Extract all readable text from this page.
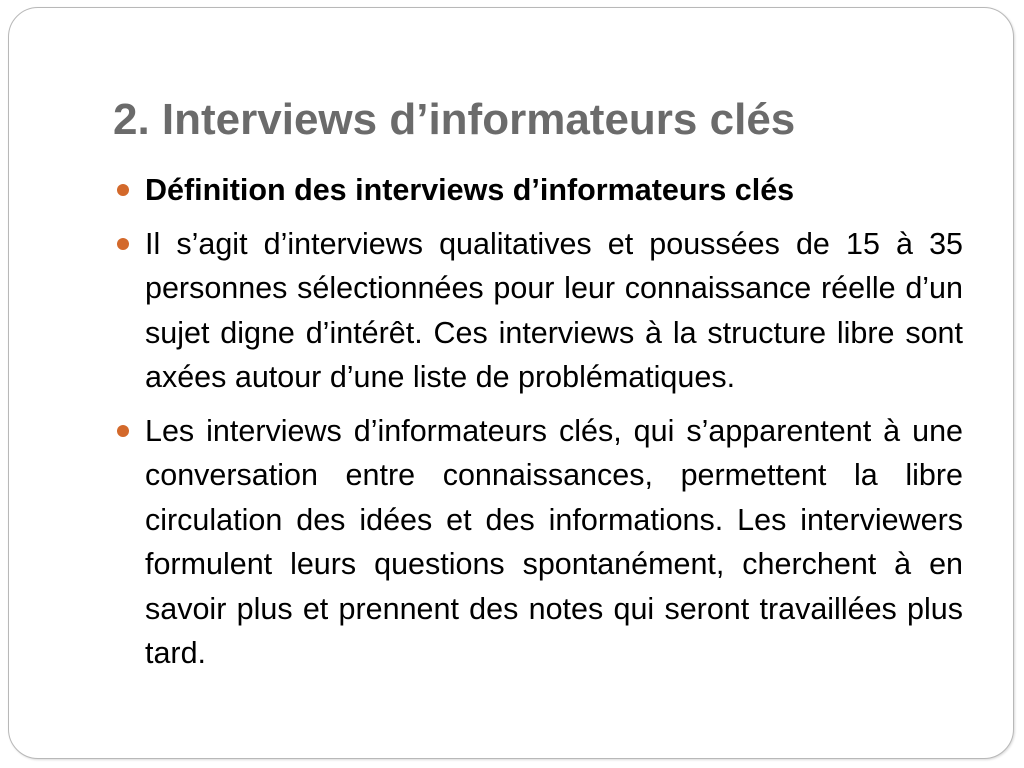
2. Interviews d’informateurs clés
Définition des interviews d’informateurs clés
Il s’agit d’interviews qualitatives et poussées de 15 à 35 personnes sélectionnées pour leur connaissance réelle d’un sujet digne d’intérêt. Ces interviews à la structure libre sont axées autour d’une liste de problématiques.
Les interviews d’informateurs clés, qui s’apparentent à une conversation entre connaissances, permettent la libre circulation des idées et des informations. Les interviewers formulent leurs questions spontanément, cherchent à en savoir plus et prennent des notes qui seront travaillées plus tard.
